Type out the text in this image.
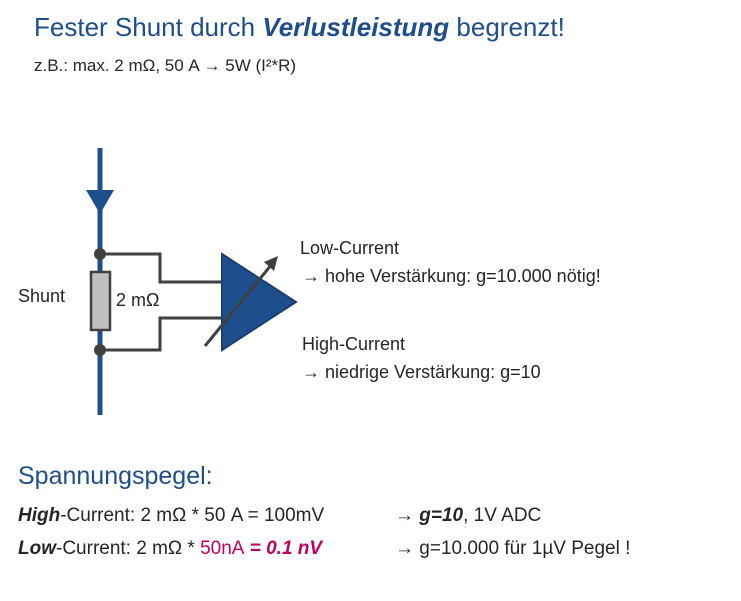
Fester Shunt durch Verlustleistung begrenzt!
z.B.: max. 2 mΩ, 50 A → 5W (I²*R)
Shunt	2 mΩ
Low-Current
→ hohe Verstärkung: g=10.000 nötig!
High-Current
→ niedrige Verstärkung: g=10
Spannungspegel:
High-Current: 2 mΩ * 50 A = 100mV	→ g=10, 1V ADC
Low-Current: 2 mΩ * 50nA = 0.1 nV	→ g=10.000 für 1µV Pegel !
